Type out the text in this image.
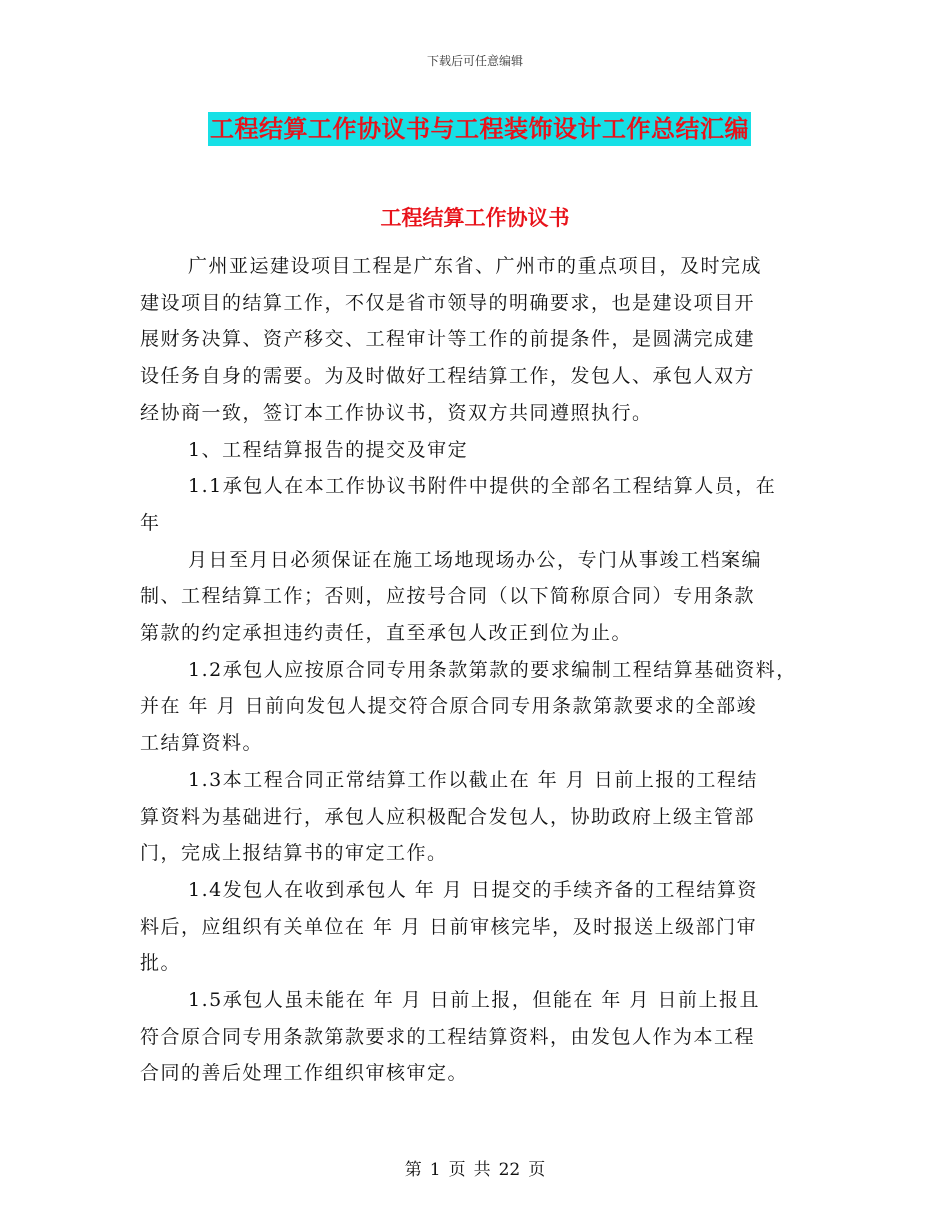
下载后可任意编辑
工程结算工作协议书与工程装饰设计工作总结汇编
工程结算工作协议书
广州亚运建设项目工程是广东省、广州市的重点项目，及时完成
建设项目的结算工作，不仅是省市领导的明确要求，也是建设项目开
展财务决算、资产移交、工程审计等工作的前提条件，是圆满完成建
设任务自身的需要。为及时做好工程结算工作，发包人、承包人双方
经协商一致，签订本工作协议书，资双方共同遵照执行。
1、工程结算报告的提交及审定
1.1承包人在本工作协议书附件中提供的全部名工程结算人员，在
年
月日至月日必须保证在施工场地现场办公，专门从事竣工档案编
制、工程结算工作；否则，应按号合同（以下简称原合同）专用条款
第款的约定承担违约责任，直至承包人改正到位为止。
1.2承包人应按原合同专用条款第款的要求编制工程结算基础资料，
并在 年 月 日前向发包人提交符合原合同专用条款第款要求的全部竣
工结算资料。
1.3本工程合同正常结算工作以截止在 年 月 日前上报的工程结
算资料为基础进行，承包人应积极配合发包人，协助政府上级主管部
门，完成上报结算书的审定工作。
1.4发包人在收到承包人 年 月 日提交的手续齐备的工程结算资
料后，应组织有关单位在 年 月 日前审核完毕，及时报送上级部门审
批。
1.5承包人虽未能在 年 月 日前上报，但能在 年 月 日前上报且
符合原合同专用条款第款要求的工程结算资料，由发包人作为本工程
合同的善后处理工作组织审核审定。
第 1 页 共 22 页
